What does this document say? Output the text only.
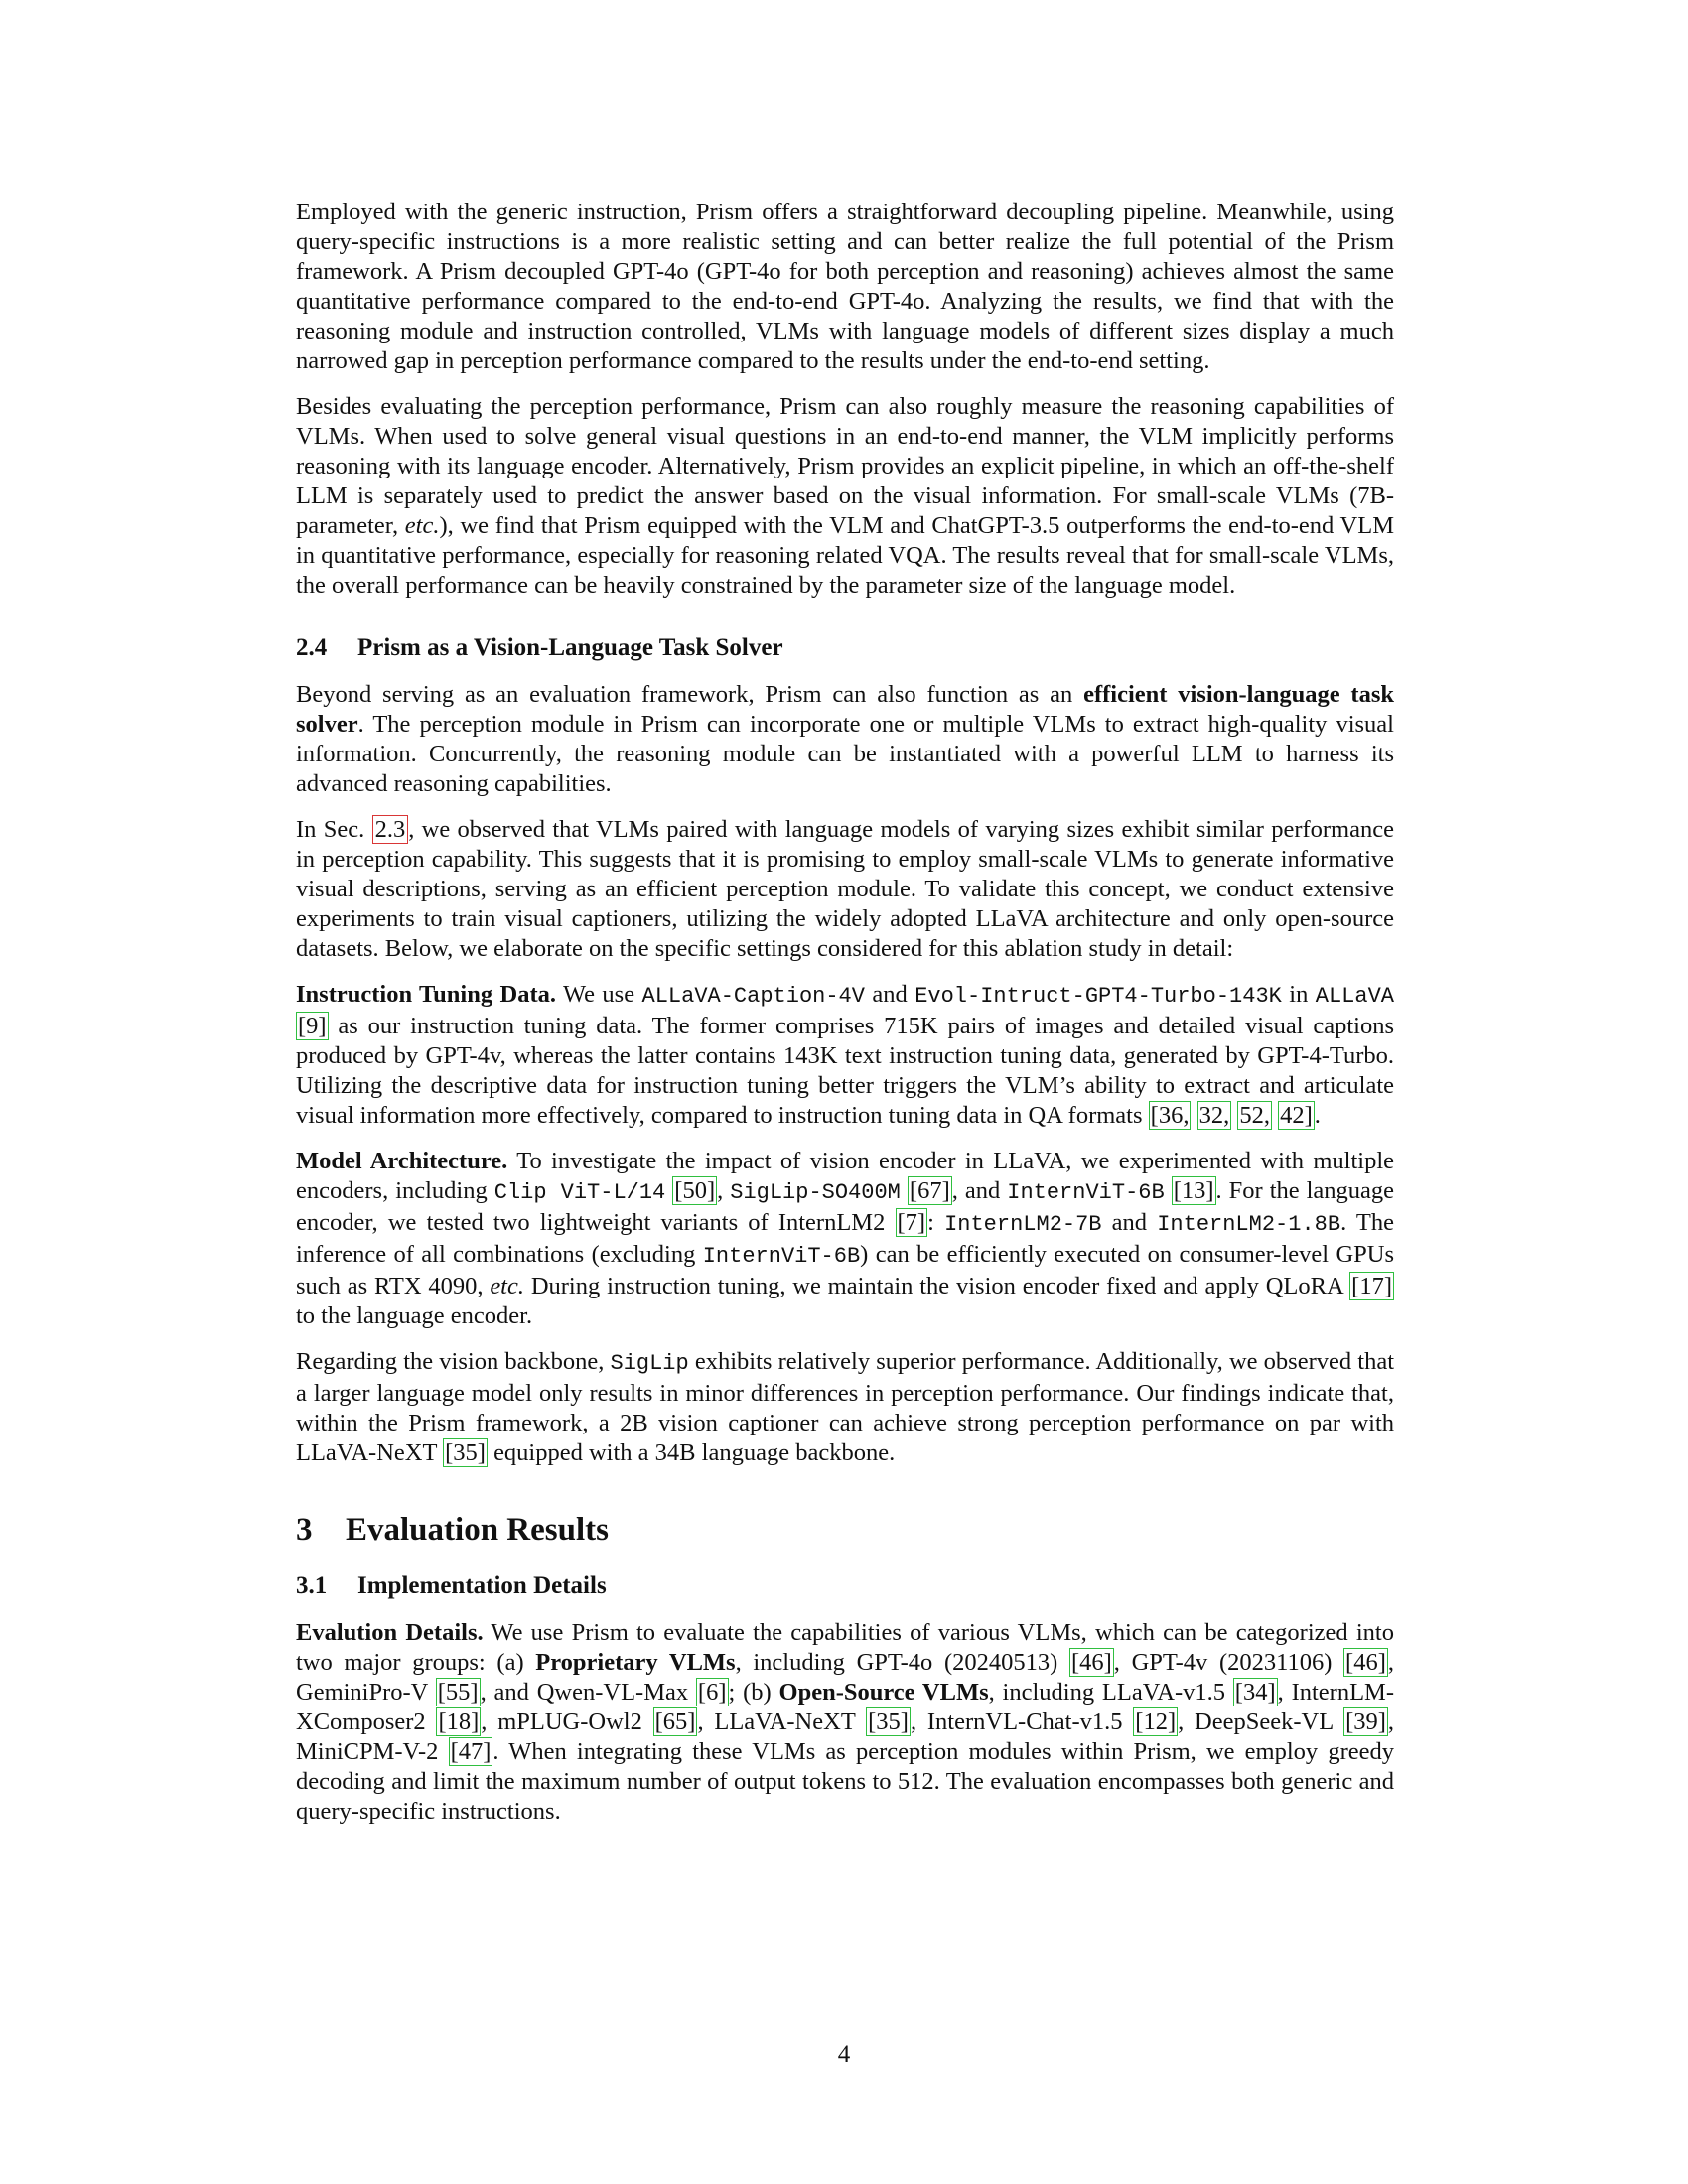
Employed with the generic instruction, Prism offers a straightforward decoupling pipeline. Meanwhile, using query-specific instructions is a more realistic setting and can better realize the full potential of the Prism framework. A Prism decoupled GPT-4o (GPT-4o for both perception and reasoning) achieves almost the same quantitative performance compared to the end-to-end GPT-4o. Analyzing the results, we find that with the reasoning module and instruction controlled, VLMs with language models of different sizes display a much narrowed gap in perception performance compared to the results under the end-to-end setting.

Besides evaluating the perception performance, Prism can also roughly measure the reasoning capabilities of VLMs. When used to solve general visual questions in an end-to-end manner, the VLM implicitly performs reasoning with its language encoder. Alternatively, Prism provides an explicit pipeline, in which an off-the-shelf LLM is separately used to predict the answer based on the visual information. For small-scale VLMs (7B-parameter, etc.), we find that Prism equipped with the VLM and ChatGPT-3.5 outperforms the end-to-end VLM in quantitative performance, especially for reasoning related VQA. The results reveal that for small-scale VLMs, the overall performance can be heavily constrained by the parameter size of the language model.

2.4 Prism as a Vision-Language Task Solver

Beyond serving as an evaluation framework, Prism can also function as an efficient vision-language task solver. The perception module in Prism can incorporate one or multiple VLMs to extract high-quality visual information. Concurrently, the reasoning module can be instantiated with a powerful LLM to harness its advanced reasoning capabilities.

In Sec. 2.3 , we observed that VLMs paired with language models of varying sizes exhibit similar performance in perception capability. This suggests that it is promising to employ small-scale VLMs to generate informative visual descriptions, serving as an efficient perception module. To validate this concept, we conduct extensive experiments to train visual captioners, utilizing the widely adopted LLaVA architecture and only open-source datasets. Below, we elaborate on the specific settings considered for this ablation study in detail:

Instruction Tuning Data. We use ALLaVA-Caption-4V and Evol-Intruct-GPT4-Turbo-143K in ALLaVA [9] as our instruction tuning data. The former comprises 715K pairs of images and detailed visual captions produced by GPT-4v, whereas the latter contains 143K text instruction tuning data, generated by GPT-4-Turbo. Utilizing the descriptive data for instruction tuning better triggers the VLM’s ability to extract and articulate visual information more effectively, compared to instruction tuning data in QA formats [36, 32, 52, 42].

Model Architecture. To investigate the impact of vision encoder in LLaVA, we experimented with multiple encoders, including Clip ViT-L/14 [50], SigLip-SO400M [67], and InternViT-6B [13]. For the language encoder, we tested two lightweight variants of InternLM2 [7]: InternLM2-7B and InternLM2-1.8B. The inference of all combinations (excluding InternViT-6B) can be efficiently executed on consumer-level GPUs such as RTX 4090, etc. During instruction tuning, we maintain the vision encoder fixed and apply QLoRA [17] to the language encoder.

Regarding the vision backbone, SigLip exhibits relatively superior performance. Additionally, we observed that a larger language model only results in minor differences in perception performance. Our findings indicate that, within the Prism framework, a 2B vision captioner can achieve strong perception performance on par with LLaVA-NeXT [35] equipped with a 34B language backbone.

3 Evaluation Results
3.1 Implementation Details

Evalution Details. We use Prism to evaluate the capabilities of various VLMs, which can be categorized into two major groups: (a) Proprietary VLMs, including GPT-4o (20240513) [46], GPT-4v (20231106) [46], GeminiPro-V [55], and Qwen-VL-Max [6]; (b) Open-Source VLMs, including LLaVA-v1.5 [34], InternLM-XComposer2 [18], mPLUG-Owl2 [65], LLaVA-NeXT [35], InternVL-Chat-v1.5 [12], DeepSeek-VL [39], MiniCPM-V-2 [47]. When integrating these VLMs as perception modules within Prism, we employ greedy decoding and limit the maximum number of output tokens to 512. The evaluation encompasses both generic and query-specific instructions.

4
